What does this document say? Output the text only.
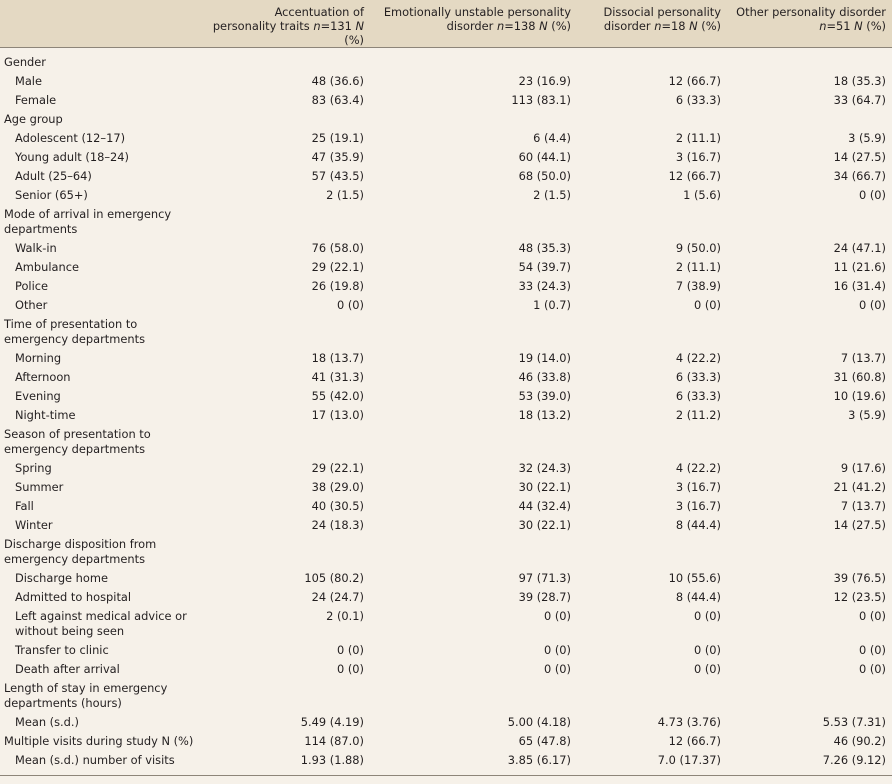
	Accentuation of personality traits n=131 N (%)	Emotionally unstable personality disorder n=138 N (%)	Dissocial personality disorder n=18 N (%)	Other personality disorder n=51 N (%)
Gender				
Male	48 (36.6)	23 (16.9)	12 (66.7)	18 (35.3)
Female	83 (63.4)	113 (83.1)	6 (33.3)	33 (64.7)
Age group				
Adolescent (12–17)	25 (19.1)	6 (4.4)	2 (11.1)	3 (5.9)
Young adult (18–24)	47 (35.9)	60 (44.1)	3 (16.7)	14 (27.5)
Adult (25–64)	57 (43.5)	68 (50.0)	12 (66.7)	34 (66.7)
Senior (65+)	2 (1.5)	2 (1.5)	1 (5.6)	0 (0)
Mode of arrival in emergency departments				
Walk-in	76 (58.0)	48 (35.3)	9 (50.0)	24 (47.1)
Ambulance	29 (22.1)	54 (39.7)	2 (11.1)	11 (21.6)
Police	26 (19.8)	33 (24.3)	7 (38.9)	16 (31.4)
Other	0 (0)	1 (0.7)	0 (0)	0 (0)
Time of presentation to emergency departments				
Morning	18 (13.7)	19 (14.0)	4 (22.2)	7 (13.7)
Afternoon	41 (31.3)	46 (33.8)	6 (33.3)	31 (60.8)
Evening	55 (42.0)	53 (39.0)	6 (33.3)	10 (19.6)
Night-time	17 (13.0)	18 (13.2)	2 (11.2)	3 (5.9)
Season of presentation to emergency departments				
Spring	29 (22.1)	32 (24.3)	4 (22.2)	9 (17.6)
Summer	38 (29.0)	30 (22.1)	3 (16.7)	21 (41.2)
Fall	40 (30.5)	44 (32.4)	3 (16.7)	7 (13.7)
Winter	24 (18.3)	30 (22.1)	8 (44.4)	14 (27.5)
Discharge disposition from emergency departments				
Discharge home	105 (80.2)	97 (71.3)	10 (55.6)	39 (76.5)
Admitted to hospital	24 (24.7)	39 (28.7)	8 (44.4)	12 (23.5)
Left against medical advice or without being seen	2 (0.1)	0 (0)	0 (0)	0 (0)
Transfer to clinic	0 (0)	0 (0)	0 (0)	0 (0)
Death after arrival	0 (0)	0 (0)	0 (0)	0 (0)
Length of stay in emergency departments (hours)				
Mean (s.d.)	5.49 (4.19)	5.00 (4.18)	4.73 (3.76)	5.53 (7.31)
Multiple visits during study N (%)	114 (87.0)	65 (47.8)	12 (66.7)	46 (90.2)
Mean (s.d.) number of visits	1.93 (1.88)	3.85 (6.17)	7.0 (17.37)	7.26 (9.12)
